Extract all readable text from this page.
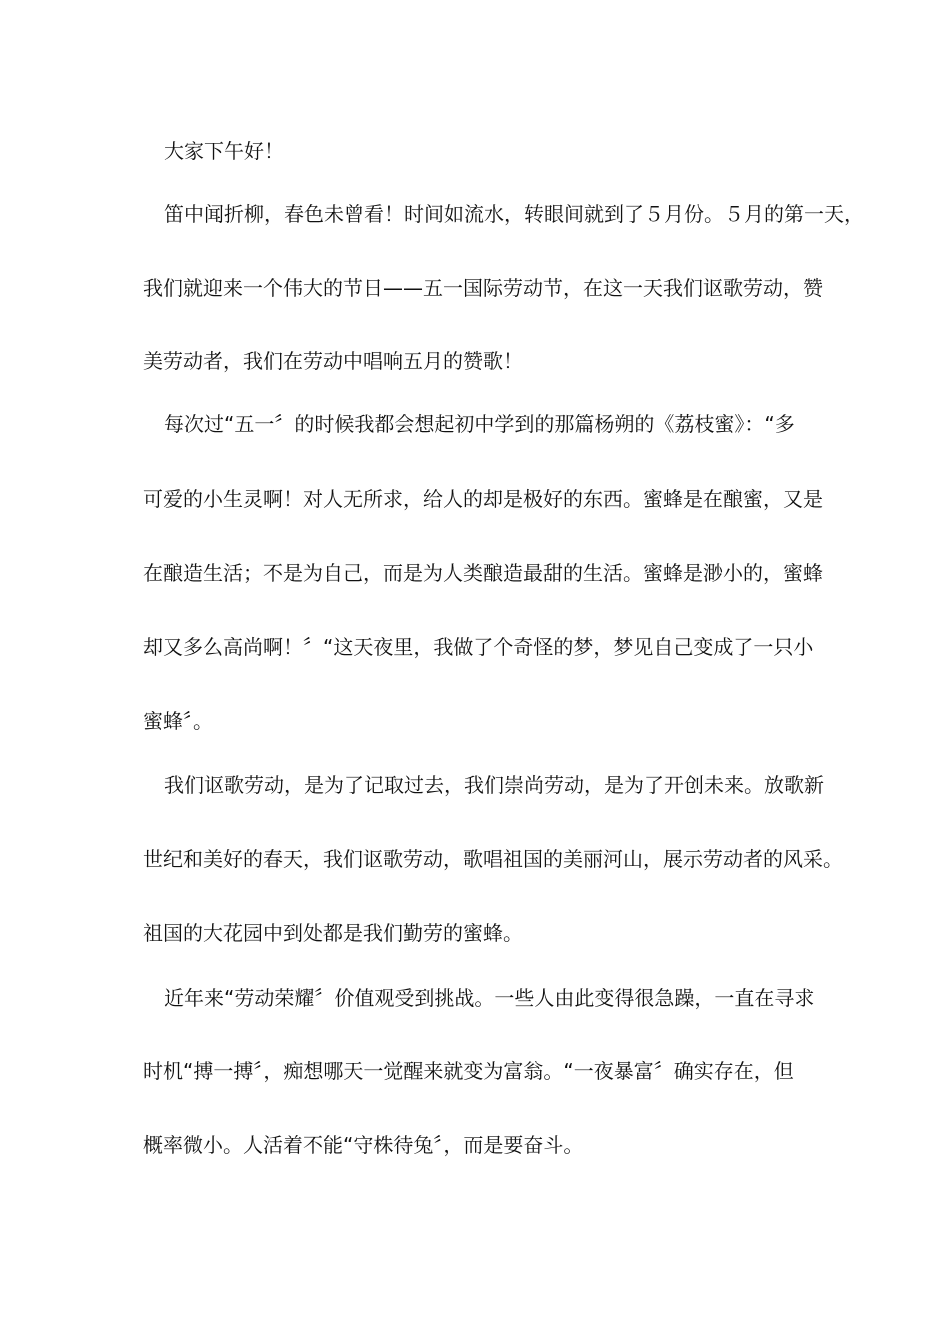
大家下午好！
笛中闻折柳，春色未曾看！时间如流水，转眼间就到了５月份。５月的第一天，
我们就迎来一个伟大的节日——五一国际劳动节，在这一天我们讴歌劳动，赞
美劳动者，我们在劳动中唱响五月的赞歌！
每次过“五一〞的时候我都会想起初中学到的那篇杨朔的《荔枝蜜》：“多
可爱的小生灵啊！对人无所求，给人的却是极好的东西。蜜蜂是在酿蜜，又是
在酿造生活；不是为自己，而是为人类酿造最甜的生活。蜜蜂是渺小的，蜜蜂
却又多么高尚啊！〞“这天夜里，我做了个奇怪的梦，梦见自己变成了一只小
蜜蜂〞。
我们讴歌劳动，是为了记取过去，我们崇尚劳动，是为了开创未来。放歌新
世纪和美好的春天，我们讴歌劳动，歌唱祖国的美丽河山，展示劳动者的风采。
祖国的大花园中到处都是我们勤劳的蜜蜂。
近年来“劳动荣耀〞价值观受到挑战。一些人由此变得很急躁，一直在寻求
时机“搏一搏〞，痴想哪天一觉醒来就变为富翁。“一夜暴富〞确实存在，但
概率微小。人活着不能“守株待兔〞，而是要奋斗。
